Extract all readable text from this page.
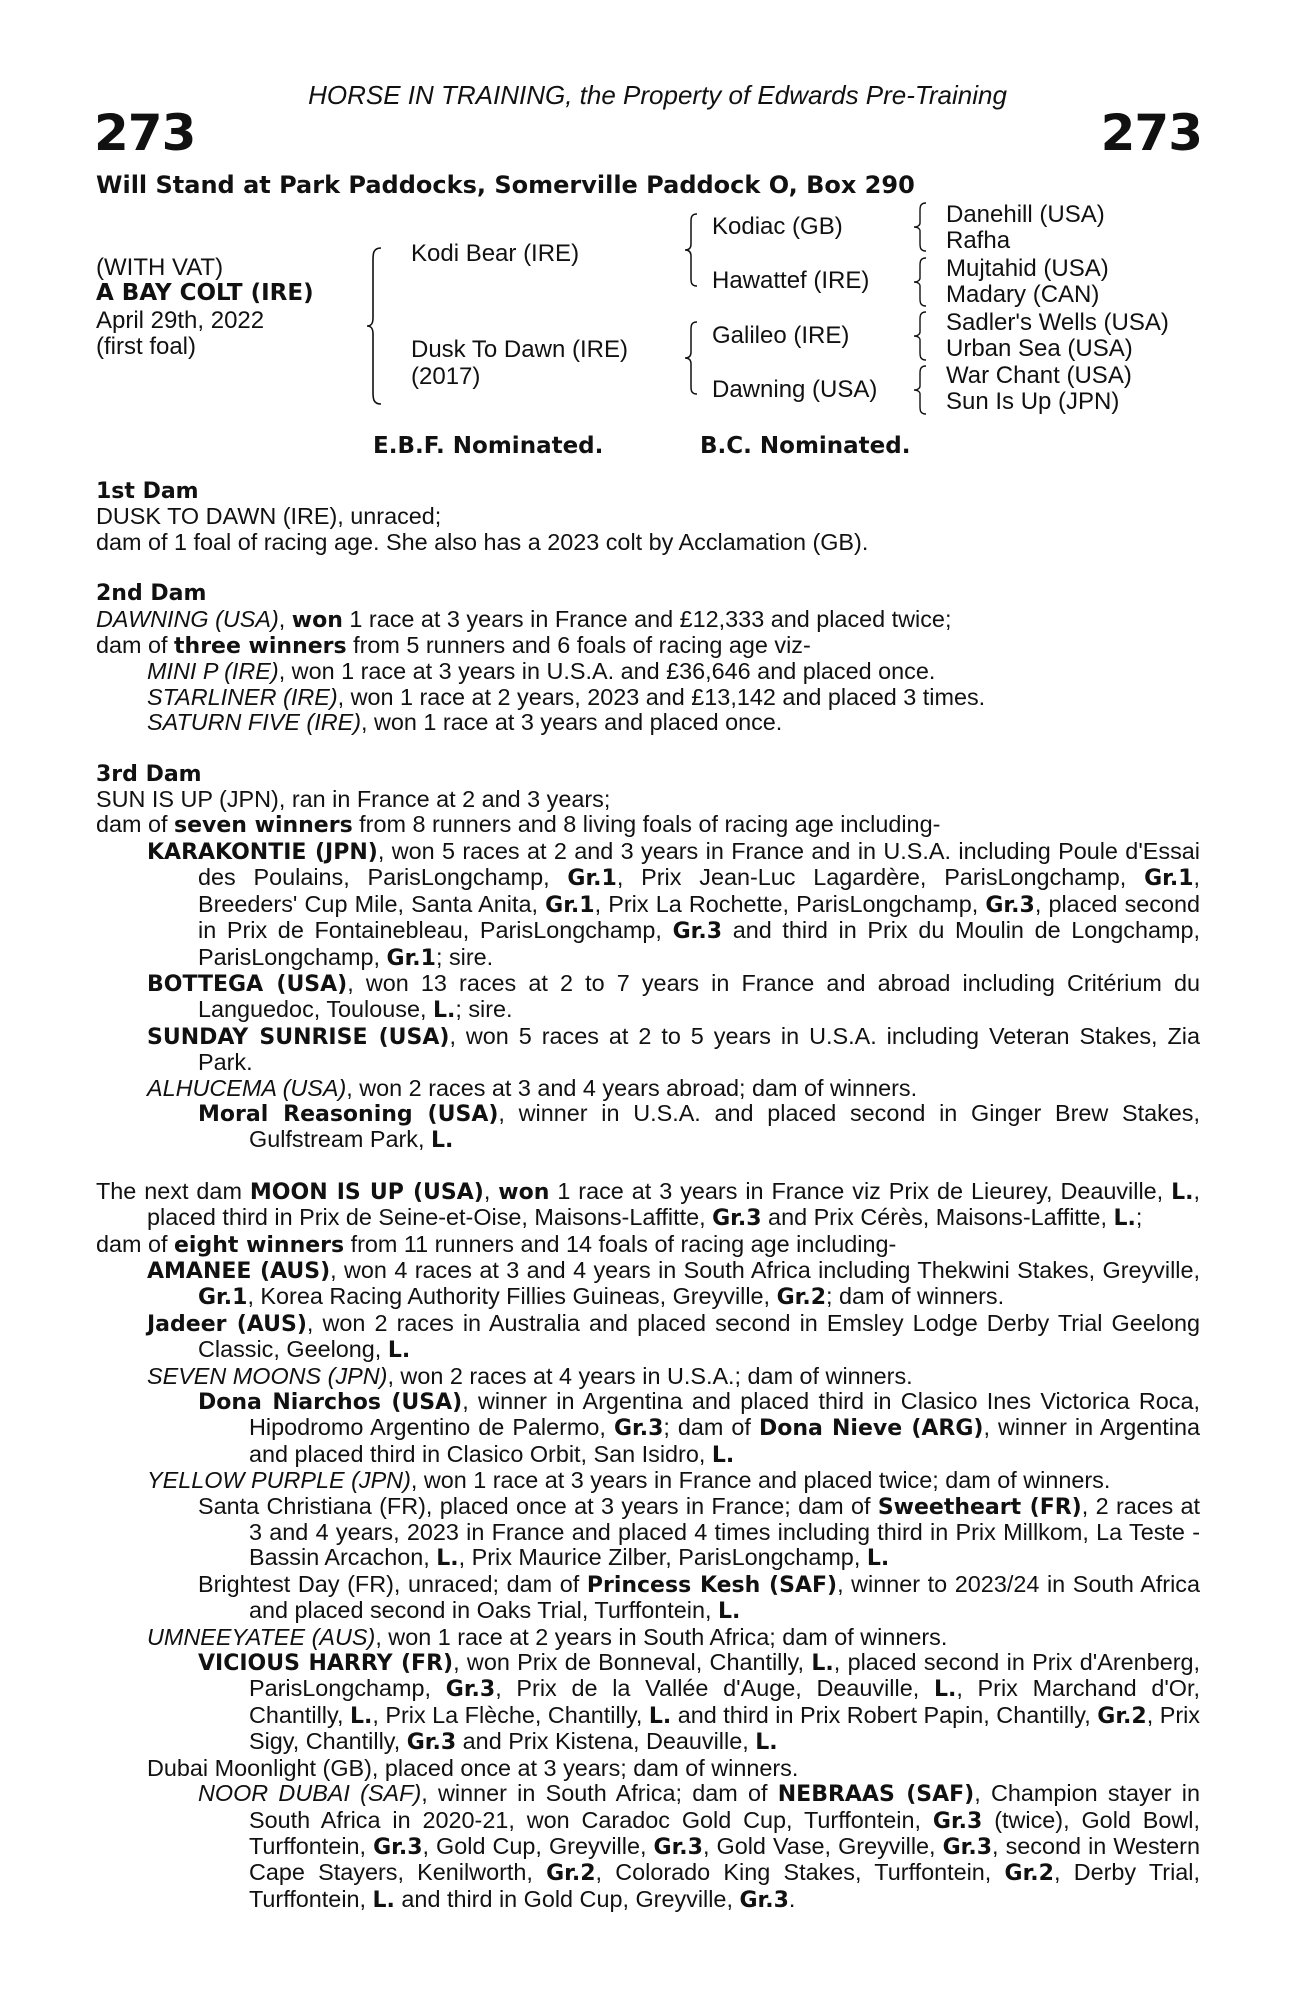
HORSE IN TRAINING, the Property of Edwards Pre-Training
273	273
Will Stand at Park Paddocks, Somerville Paddock O, Box 290
(WITH VAT)
A BAY COLT (IRE)
April 29th, 2022
(first foal)
Kodi Bear (IRE)
Dusk To Dawn (IRE)
(2017)
Kodiac (GB)
Hawattef (IRE)
Galileo (IRE)
Dawning (USA)
Danehill (USA)
Rafha
Mujtahid (USA)
Madary (CAN)
Sadler's Wells (USA)
Urban Sea (USA)
War Chant (USA)
Sun Is Up (JPN)
E.B.F. Nominated.	B.C. Nominated.

1st Dam

DUSK TO DAWN (IRE), unraced;

dam of 1 foal of racing age. She also has a 2023 colt by Acclamation (GB).

2nd Dam

DAWNING (USA), won 1 race at 3 years in France and £12,333 and placed twice;

dam of three winners from 5 runners and 6 foals of racing age viz-

MINI P (IRE), won 1 race at 3 years in U.S.A. and £36,646 and placed once.

STARLINER (IRE), won 1 race at 2 years, 2023 and £13,142 and placed 3 times.

SATURN FIVE (IRE), won 1 race at 3 years and placed once.

3rd Dam

SUN IS UP (JPN), ran in France at 2 and 3 years;

dam of seven winners from 8 runners and 8 living foals of racing age including-

KARAKONTIE (JPN), won 5 races at 2 and 3 years in France and in U.S.A. including Poule d'Essai des Poulains, ParisLongchamp, Gr.1, Prix Jean-Luc Lagardère, ParisLongchamp, Gr.1, Breeders' Cup Mile, Santa Anita, Gr.1, Prix La Rochette, ParisLongchamp, Gr.3, placed second in Prix de Fontainebleau, ParisLongchamp, Gr.3 and third in Prix du Moulin de Longchamp, ParisLongchamp, Gr.1; sire.

BOTTEGA (USA), won 13 races at 2 to 7 years in France and abroad including Critérium du Languedoc, Toulouse, L.; sire.

SUNDAY SUNRISE (USA), won 5 races at 2 to 5 years in U.S.A. including Veteran Stakes, Zia Park.

ALHUCEMA (USA), won 2 races at 3 and 4 years abroad; dam of winners.

Moral Reasoning (USA), winner in U.S.A. and placed second in Ginger Brew Stakes, Gulfstream Park, L.

The next dam MOON IS UP (USA), won 1 race at 3 years in France viz Prix de Lieurey, Deauville, L., placed third in Prix de Seine-et-Oise, Maisons-Laffitte, Gr.3 and Prix Cérès, Maisons-Laffitte, L.;

dam of eight winners from 11 runners and 14 foals of racing age including-

AMANEE (AUS), won 4 races at 3 and 4 years in South Africa including Thekwini Stakes, Greyville, Gr.1, Korea Racing Authority Fillies Guineas, Greyville, Gr.2; dam of winners.

Jadeer (AUS), won 2 races in Australia and placed second in Emsley Lodge Derby Trial Geelong Classic, Geelong, L.

SEVEN MOONS (JPN), won 2 races at 4 years in U.S.A.; dam of winners.

Dona Niarchos (USA), winner in Argentina and placed third in Clasico Ines Victorica Roca, Hipodromo Argentino de Palermo, Gr.3; dam of Dona Nieve (ARG), winner in Argentina and placed third in Clasico Orbit, San Isidro, L.

YELLOW PURPLE (JPN), won 1 race at 3 years in France and placed twice; dam of winners.

Santa Christiana (FR), placed once at 3 years in France; dam of Sweetheart (FR), 2 races at 3 and 4 years, 2023 in France and placed 4 times including third in Prix Millkom, La Teste - Bassin Arcachon, L., Prix Maurice Zilber, ParisLongchamp, L.

Brightest Day (FR), unraced; dam of Princess Kesh (SAF), winner to 2023/24 in South Africa and placed second in Oaks Trial, Turffontein, L.

UMNEEYATEE (AUS), won 1 race at 2 years in South Africa; dam of winners.

VICIOUS HARRY (FR), won Prix de Bonneval, Chantilly, L., placed second in Prix d'Arenberg, ParisLongchamp, Gr.3, Prix de la Vallée d'Auge, Deauville, L., Prix Marchand d'Or, Chantilly, L., Prix La Flèche, Chantilly, L. and third in Prix Robert Papin, Chantilly, Gr.2, Prix Sigy, Chantilly, Gr.3 and Prix Kistena, Deauville, L.

Dubai Moonlight (GB), placed once at 3 years; dam of winners.

NOOR DUBAI (SAF), winner in South Africa; dam of NEBRAAS (SAF), Champion stayer in South Africa in 2020-21, won Caradoc Gold Cup, Turffontein, Gr.3 (twice), Gold Bowl, Turffontein, Gr.3, Gold Cup, Greyville, Gr.3, Gold Vase, Greyville, Gr.3, second in Western Cape Stayers, Kenilworth, Gr.2, Colorado King Stakes, Turffontein, Gr.2, Derby Trial, Turffontein, L. and third in Gold Cup, Greyville, Gr.3.
